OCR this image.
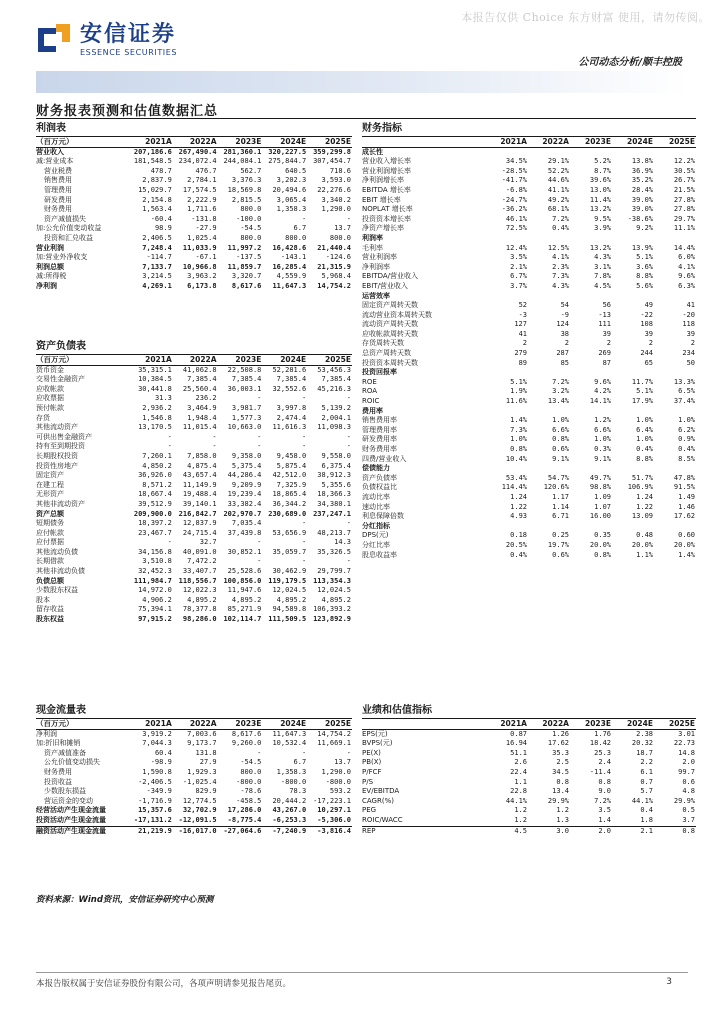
本报告仅供 Choice 东方财富 使用，请勿传阅。
安信证券
ESSENCE SECURITIES
公司动态分析/顺丰控股
财务报表预测和估值数据汇总
利润表
（百万元）	2021A	2022A	2023E	2024E	2025E
营业收入	207,186.6	267,490.4	281,360.1	320,227.5	359,299.8
减:营业成本	181,548.5	234,072.4	244,084.1	275,844.7	307,454.7
营业税费	478.7	476.7	562.7	640.5	718.6
销售费用	2,837.9	2,784.1	3,376.3	3,202.3	3,593.0
管理费用	15,029.7	17,574.5	18,569.8	20,494.6	22,276.6
研发费用	2,154.8	2,222.9	2,815.5	3,065.4	3,340.2
财务费用	1,563.4	1,711.6	800.0	1,358.3	1,290.0
资产减值损失	-60.4	-131.8	-100.0	-	-
加:公允价值变动收益	98.9	-27.9	-54.5	6.7	13.7
投资和汇兑收益	2,406.5	1,025.4	800.0	800.0	800.0
营业利润	7,248.4	11,033.9	11,997.2	16,428.6	21,440.4
加:营业外净收支	-114.7	-67.1	-137.5	-143.1	-124.6
利润总额	7,133.7	10,966.8	11,859.7	16,285.4	21,315.9
减:所得税	3,214.5	3,963.2	3,320.7	4,559.9	5,968.4
净利润	4,269.1	6,173.8	8,617.6	11,647.3	14,754.2
财务指标
	2021A	2022A	2023E	2024E	2025E
成长性					
营业收入增长率	34.5%	29.1%	5.2%	13.8%	12.2%
营业利润增长率	-28.5%	52.2%	8.7%	36.9%	30.5%
净利润增长率	-41.7%	44.6%	39.6%	35.2%	26.7%
EBITDA 增长率	-6.8%	41.1%	13.0%	28.4%	21.5%
EBIT 增长率	-24.7%	49.2%	11.4%	39.0%	27.8%
NOPLAT 增长率	-36.2%	68.1%	13.2%	39.0%	27.8%
投资资本增长率	46.1%	7.2%	9.5%	-38.6%	29.7%
净资产增长率	72.5%	0.4%	3.9%	9.2%	11.1%
利润率					
毛利率	12.4%	12.5%	13.2%	13.9%	14.4%
营业利润率	3.5%	4.1%	4.3%	5.1%	6.0%
净利润率	2.1%	2.3%	3.1%	3.6%	4.1%
EBITDA/营业收入	6.7%	7.3%	7.8%	8.8%	9.6%
EBIT/营业收入	3.7%	4.3%	4.5%	5.6%	6.3%
运营效率					
固定资产周转天数	52	54	56	49	41
流动营业资本周转天数	-3	-9	-13	-22	-20
流动资产周转天数	127	124	111	108	118
应收帐款周转天数	41	38	39	39	39
存货周转天数	2	2	2	2	2
总资产周转天数	279	287	269	244	234
投资资本周转天数	89	85	87	65	50
投资回报率					
ROE	5.1%	7.2%	9.6%	11.7%	13.3%
ROA	1.9%	3.2%	4.2%	5.1%	6.5%
ROIC	11.6%	13.4%	14.1%	17.9%	37.4%
费用率					
销售费用率	1.4%	1.0%	1.2%	1.0%	1.0%
管理费用率	7.3%	6.6%	6.6%	6.4%	6.2%
研发费用率	1.0%	0.8%	1.0%	1.0%	0.9%
财务费用率	0.8%	0.6%	0.3%	0.4%	0.4%
四费/营业收入	10.4%	9.1%	9.1%	8.8%	8.5%
偿债能力					
资产负债率	53.4%	54.7%	49.7%	51.7%	47.8%
负债权益比	114.4%	120.6%	98.8%	106.9%	91.5%
流动比率	1.24	1.17	1.09	1.24	1.49
速动比率	1.22	1.14	1.07	1.22	1.46
利息保障倍数	4.93	6.71	16.00	13.09	17.62
分红指标					
DPS(元)	0.18	0.25	0.35	0.48	0.60
分红比率	20.5%	19.7%	20.0%	20.0%	20.0%
股息收益率	0.4%	0.6%	0.8%	1.1%	1.4%
资产负债表
（百万元）	2021A	2022A	2023E	2024E	2025E
货币资金	35,315.1	41,062.8	22,508.8	52,281.6	53,456.3
交易性金融资产	10,384.5	7,385.4	7,385.4	7,385.4	7,385.4
应收帐款	30,441.8	25,560.4	36,003.1	32,552.6	45,216.3
应收票据	31.3	236.2	-	-	-
预付帐款	2,936.2	3,464.9	3,981.7	3,997.8	5,139.2
存货	1,546.8	1,948.4	1,577.3	2,474.4	2,004.1
其他流动资产	13,170.5	11,015.4	10,663.0	11,616.3	11,098.3
可供出售金融资产	-	-	-	-	-
持有至到期投资	-	-	-	-	-
长期股权投资	7,260.1	7,858.0	9,358.0	9,458.0	9,558.0
投资性房地产	4,850.2	4,875.4	5,375.4	5,875.4	6,375.4
固定资产	36,926.0	43,657.4	44,286.4	42,512.0	38,912.3
在建工程	8,571.2	11,149.9	9,209.9	7,325.9	5,355.6
无形资产	18,667.4	19,488.4	19,239.4	18,865.4	18,366.3
其他非流动资产	39,512.9	39,140.1	33,382.4	36,344.2	34,380.1
资产总额	209,900.0	216,842.7	202,970.7	230,689.0	237,247.1
短期债务	18,397.2	12,837.9	7,035.4	-	-
应付帐款	23,467.7	24,715.4	37,439.8	53,656.9	48,213.7
应付票据	-	32.7	-	-	14.3
其他流动负债	34,156.8	40,091.0	30,852.1	35,059.7	35,326.5
长期借款	3,510.8	7,472.2	-	-	-
其他非流动负债	32,452.3	33,407.7	25,528.6	30,462.9	29,799.7
负债总额	111,984.7	118,556.7	100,856.0	119,179.5	113,354.3
少数股东权益	14,972.0	12,022.3	11,947.6	12,024.5	12,024.5
股本	4,906.2	4,895.2	4,895.2	4,895.2	4,895.2
留存收益	75,394.1	78,377.8	85,271.9	94,589.8	106,393.2
股东权益	97,915.2	98,286.0	102,114.7	111,509.5	123,892.9
现金流量表
（百万元）	2021A	2022A	2023E	2024E	2025E
净利润	3,919.2	7,003.6	8,617.6	11,647.3	14,754.2
加:折旧和摊销	7,044.3	9,173.7	9,260.0	10,532.4	11,669.1
资产减值准备	60.4	131.8	-	-	-
公允价值变动损失	-98.9	27.9	-54.5	6.7	13.7
财务费用	1,590.8	1,929.3	800.0	1,358.3	1,290.0
投资收益	-2,406.5	-1,025.4	-800.0	-800.0	-800.0
少数股东损益	-349.9	829.9	-78.6	78.3	593.2
营运资金的变动	-1,716.9	12,774.5	-458.5	20,444.2	-17,223.1
经营活动产生现金流量	15,357.6	32,702.9	17,286.0	43,267.0	10,297.1
投资活动产生现金流量	-17,131.2	-12,091.5	-8,775.4	-6,253.3	-5,306.0
融资活动产生现金流量	21,219.9	-16,017.0	-27,064.6	-7,240.9	-3,816.4
业绩和估值指标
	2021A	2022A	2023E	2024E	2025E
EPS(元)	0.87	1.26	1.76	2.38	3.01
BVPS(元)	16.94	17.62	18.42	20.32	22.73
PE(X)	51.1	35.3	25.3	18.7	14.8
PB(X)	2.6	2.5	2.4	2.2	2.0
P/FCF	22.4	34.5	-11.4	6.1	99.7
P/S	1.1	0.8	0.8	0.7	0.6
EV/EBITDA	22.8	13.4	9.0	5.7	4.8
CAGR(%)	44.1%	29.9%	7.2%	44.1%	29.9%
PEG	1.2	1.2	3.5	0.4	0.5
ROIC/WACC	1.2	1.3	1.4	1.8	3.7
REP	4.5	3.0	2.0	2.1	0.8
资料来源：Wind资讯，安信证券研究中心预测
本报告版权属于安信证券股份有限公司，各项声明请参见报告尾页。	3
